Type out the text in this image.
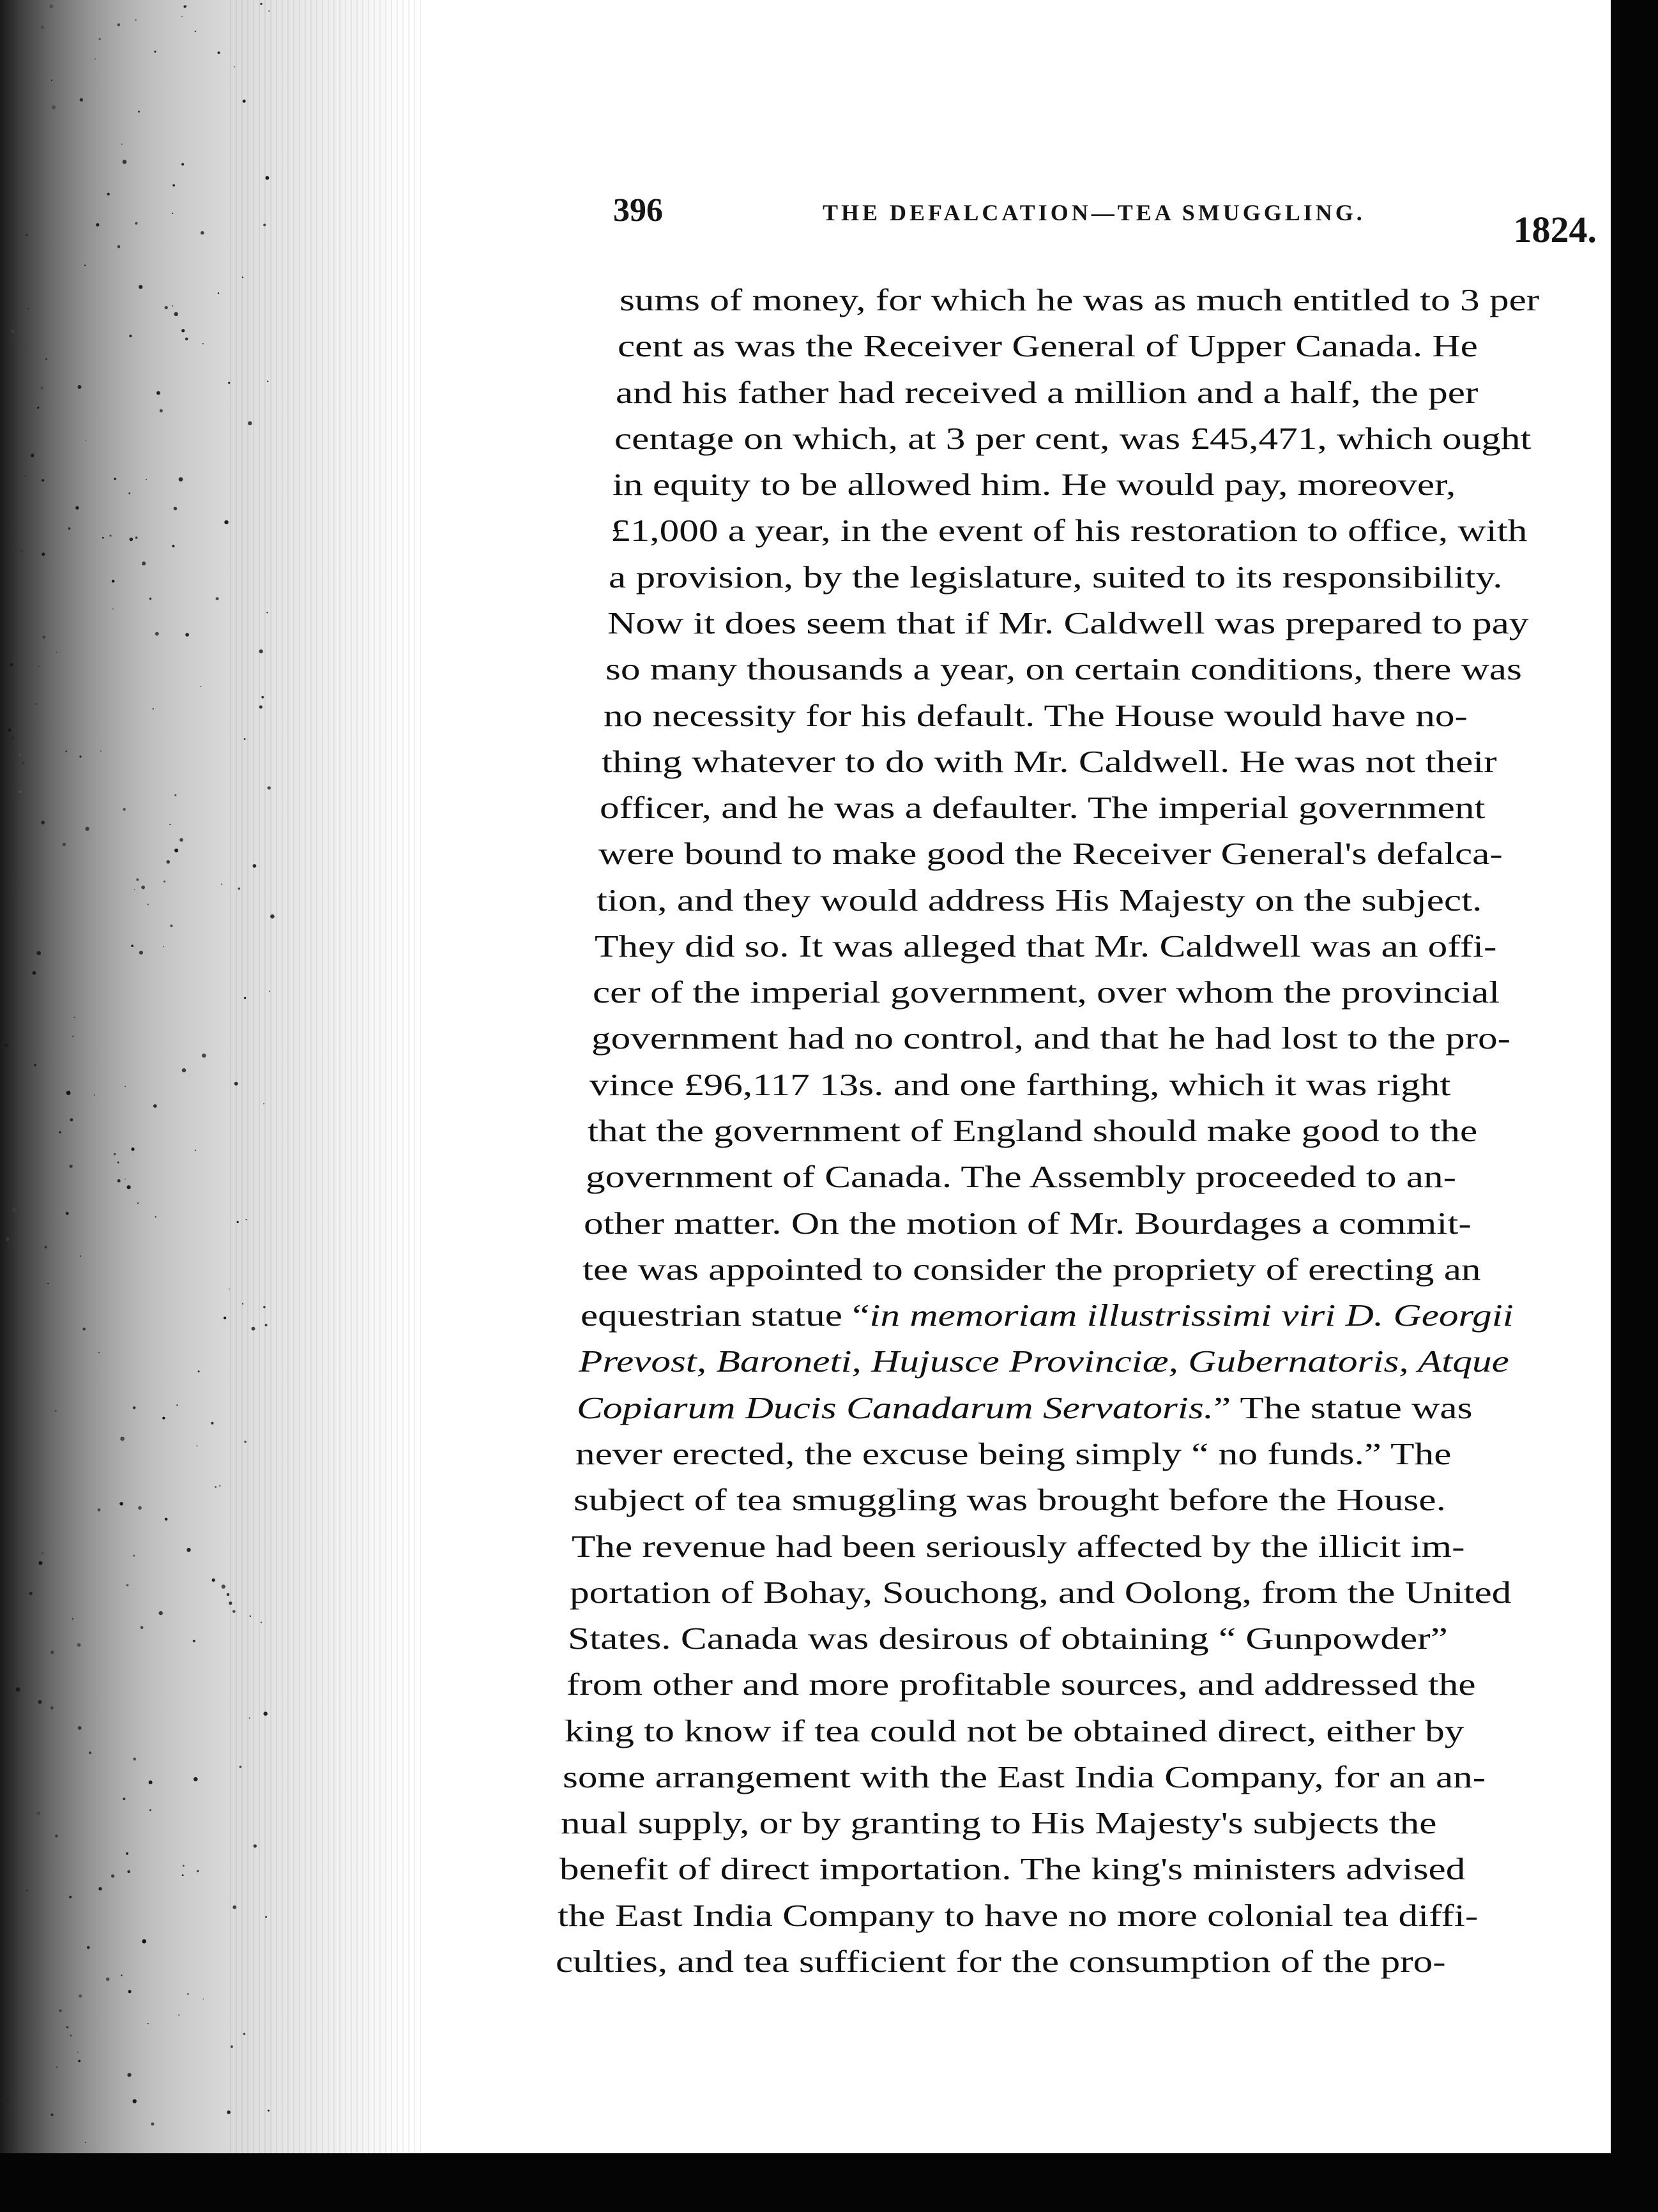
396	THE DEFALCATION—TEA SMUGGLING.	1824.
sums of money, for which he was as much entitled to 3 per
cent as was the Receiver General of Upper Canada. He
and his father had received a million and a half, the per
centage on which, at 3 per cent, was £45,471, which ought
in equity to be allowed him. He would pay, moreover,
£1,000 a year, in the event of his restoration to office, with
a provision, by the legislature, suited to its responsibility.
Now it does seem that if Mr. Caldwell was prepared to pay
so many thousands a year, on certain conditions, there was
no necessity for his default. The House would have no-
thing whatever to do with Mr. Caldwell. He was not their
officer, and he was a defaulter. The imperial government
were bound to make good the Receiver General's defalca-
tion, and they would address His Majesty on the subject.
They did so. It was alleged that Mr. Caldwell was an offi-
cer of the imperial government, over whom the provincial
government had no control, and that he had lost to the pro-
vince £96,117 13s. and one farthing, which it was right
that the government of England should make good to the
government of Canada. The Assembly proceeded to an-
other matter. On the motion of Mr. Bourdages a commit-
tee was appointed to consider the propriety of erecting an
equestrian statue “in memoriam illustrissimi viri D. Georgii
Prevost, Baroneti, Hujusce Provinciæ, Gubernatoris, Atque
Copiarum Ducis Canadarum Servatoris.” The statue was
never erected, the excuse being simply “ no funds.” The
subject of tea smuggling was brought before the House.
The revenue had been seriously affected by the illicit im-
portation of Bohay, Souchong, and Oolong, from the United
States. Canada was desirous of obtaining “ Gunpowder”
from other and more profitable sources, and addressed the
king to know if tea could not be obtained direct, either by
some arrangement with the East India Company, for an an-
nual supply, or by granting to His Majesty's subjects the
benefit of direct importation. The king's ministers advised
the East India Company to have no more colonial tea diffi-
culties, and tea sufficient for the consumption of the pro-
